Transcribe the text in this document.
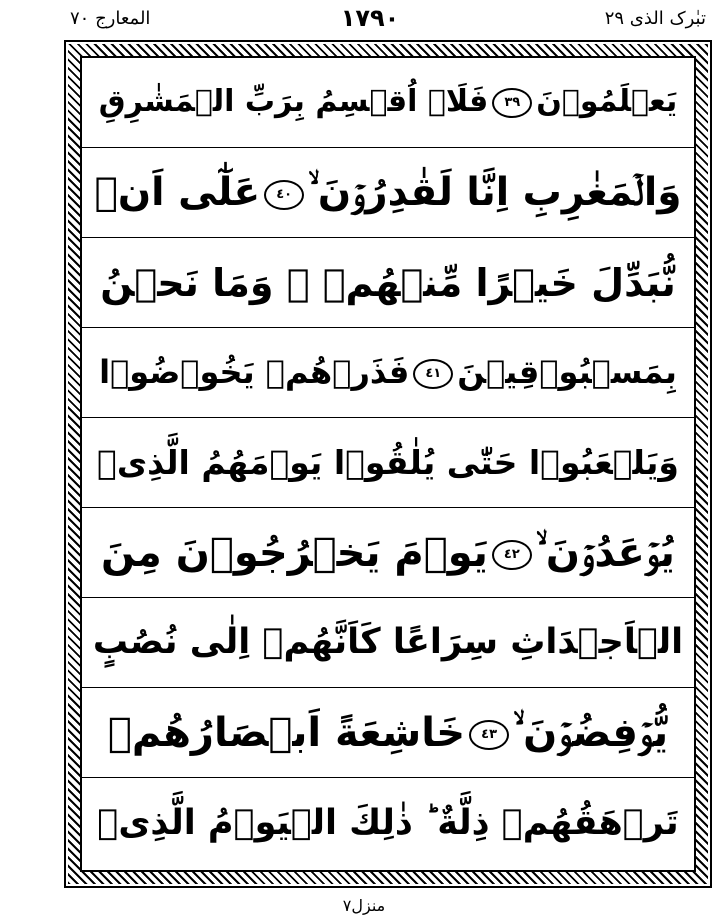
المعارج ۷۰	١٧٩٠	تبٰرک الذی ۲۹
يَعۡلَمُوۡنَ٣٩فَلَاۤ اُقۡسِمُ بِرَبِّ الۡمَشٰرِقِ
وَالۡمَغٰرِبِ اِنَّا لَقٰدِرُوۡنَ ۙ٤٠عَلٰٓى اَنۡ
نُّبَدِّلَ خَيۡرًا مِّنۡهُمۡ ۙ وَمَا نَحۡنُ
بِمَسۡبُوۡقِيۡنَ٤١فَذَرۡهُمۡ يَخُوۡضُوۡا
وَيَلۡعَبُوۡا حَتّٰى يُلٰقُوۡا يَوۡمَهُمُ الَّذِىۡ
يُوۡعَدُوۡنَ ۙ٤٢يَوۡمَ يَخۡرُجُوۡنَ مِنَ
الۡاَجۡدَاثِ سِرَاعًا كَاَنَّهُمۡ اِلٰى نُصُبٍ
يُّوۡفِضُوۡنَ ۙ٤٣خَاشِعَةً اَبۡصَارُهُمۡ
تَرۡهَقُهُمۡ ذِلَّةٌ ؕ ذٰلِكَ الۡيَوۡمُ الَّذِىۡ
منزل۷
